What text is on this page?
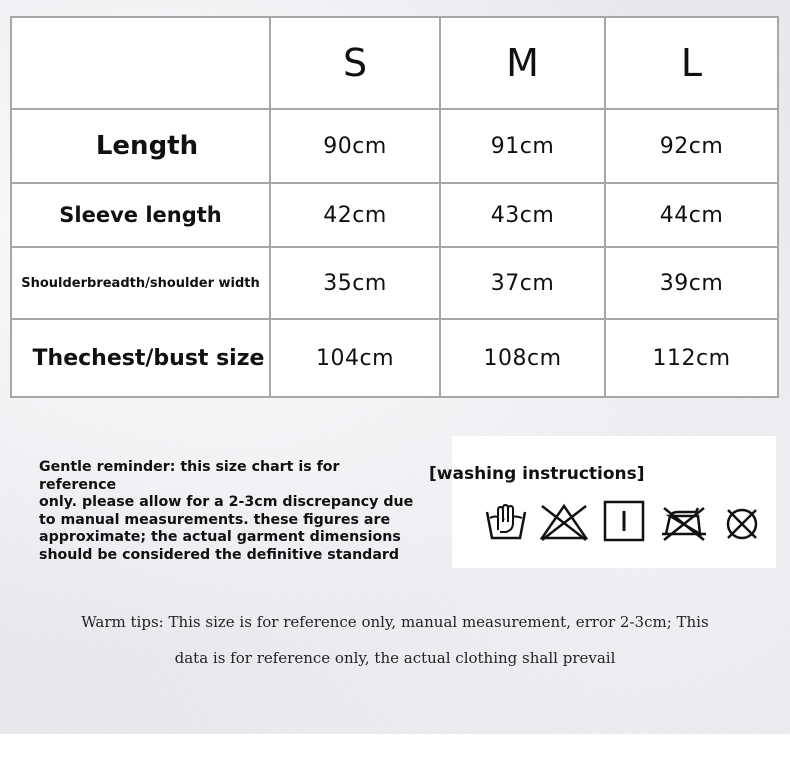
	S	M	L
Length	90cm	91cm	92cm
Sleeve length	42cm	43cm	44cm
Shoulderbreadth/shoulder width	35cm	37cm	39cm
Thechest/bust size	104cm	108cm	112cm
Gentle reminder: this size chart is for reference
only. please allow for a 2-3cm discrepancy due
to manual measurements. these figures are
approximate; the actual garment dimensions
should be considered the definitive standard
[washing instructions]
Warm tips: This size is for reference only, manual measurement, error 2-3cm; This
data is for reference only, the actual clothing shall prevail
